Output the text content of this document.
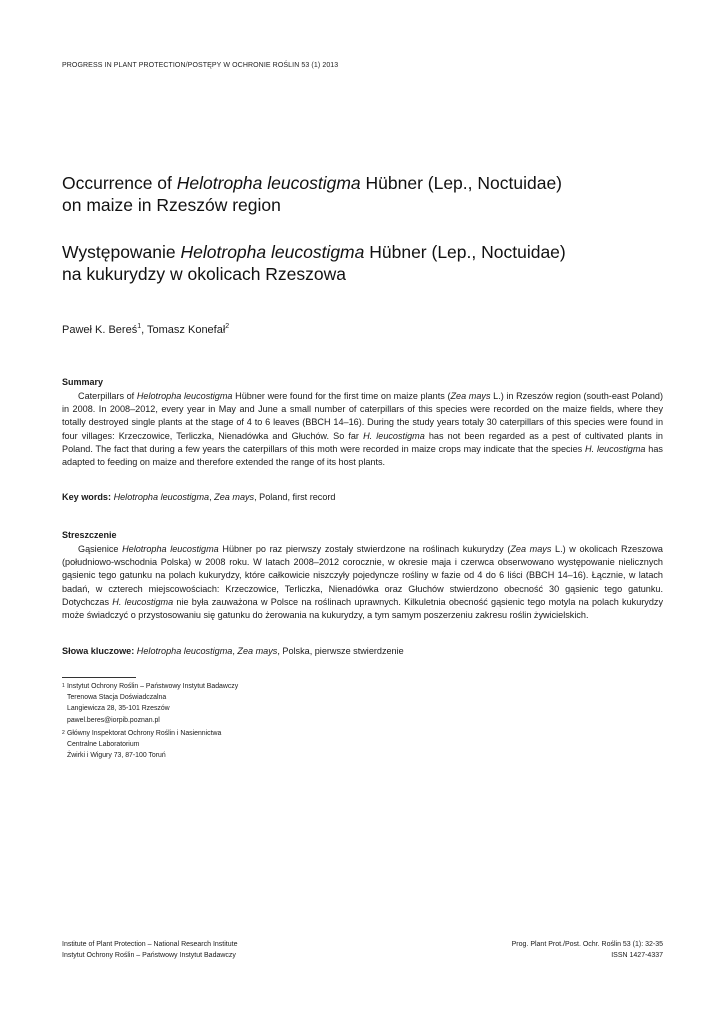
PROGRESS IN PLANT PROTECTION/POSTĘPY W OCHRONIE ROŚLIN 53 (1) 2013
Occurrence of Helotropha leucostigma Hübner (Lep., Noctuidae)
on maize in Rzeszów region
Występowanie Helotropha leucostigma Hübner (Lep., Noctuidae)
na kukurydzy w okolicach Rzeszowa
Paweł K. Bereś$^1$, Tomasz Konefał$^2$
Summary

Caterpillars of Helotropha leucostigma Hübner were found for the first time on maize plants (Zea mays L.) in Rzeszów region (south-east Poland) in 2008. In 2008–2012, every year in May and June a small number of caterpillars of this species were recorded on the maize fields, where they totally destroyed single plants at the stage of 4 to 6 leaves (BBCH 14–16). During the study years totaly 30 caterpillars of this species were found in four villages: Krzeczowice, Terliczka, Nienadówka and Głuchów. So far H. leucostigma has not been regarded as a pest of cultivated plants in Poland. The fact that during a few years the caterpillars of this moth were recorded in maize crops may indicate that the species H. leucostigma has adapted to feeding on maize and therefore extended the range of its host plants.

Key words: Helotropha leucostigma, Zea mays, Poland, first record
Streszczenie

Gąsienice Helotropha leucostigma Hübner po raz pierwszy zostały stwierdzone na roślinach kukurydzy (Zea mays L.) w okolicach Rzeszowa (południowo-wschodnia Polska) w 2008 roku. W latach 2008–2012 corocznie, w okresie maja i czerwca obserwowano występowanie nielicznych gąsienic tego gatunku na polach kukurydzy, które całkowicie niszczyły pojedyncze rośliny w fazie od 4 do 6 liści (BBCH 14–16). Łącznie, w latach badań, w czterech miejscowościach: Krzeczowice, Terliczka, Nienadówka oraz Głuchów stwierdzono obecność 30 gąsienic tego gatunku. Dotychczas H. leucostigma nie była zauważona w Polsce na roślinach uprawnych. Kilkuletnia obecność gąsienic tego motyla na polach kukurydzy może świadczyć o przystosowaniu się gatunku do żerowania na kukurydzy, a tym samym poszerzeniu zakresu roślin żywicielskich.

Słowa kluczowe: Helotropha leucostigma, Zea mays, Polska, pierwsze stwierdzenie
1 Instytut Ochrony Roślin – Państwowy Instytut Badawczy
Terenowa Stacja Doświadczalna
Langiewicza 28, 35-101 Rzeszów
pawel.beres@iorpib.poznan.pl
2 Główny Inspektorat Ochrony Roślin i Nasiennictwa
Centralne Laboratorium
Żwirki i Wigury 73, 87-100 Toruń
Institute of Plant Protection – National Research Institute
Instytut Ochrony Roślin – Państwowy Instytut Badawczy
Prog. Plant Prot./Post. Ochr. Roślin 53 (1): 32-35
ISSN 1427-4337
